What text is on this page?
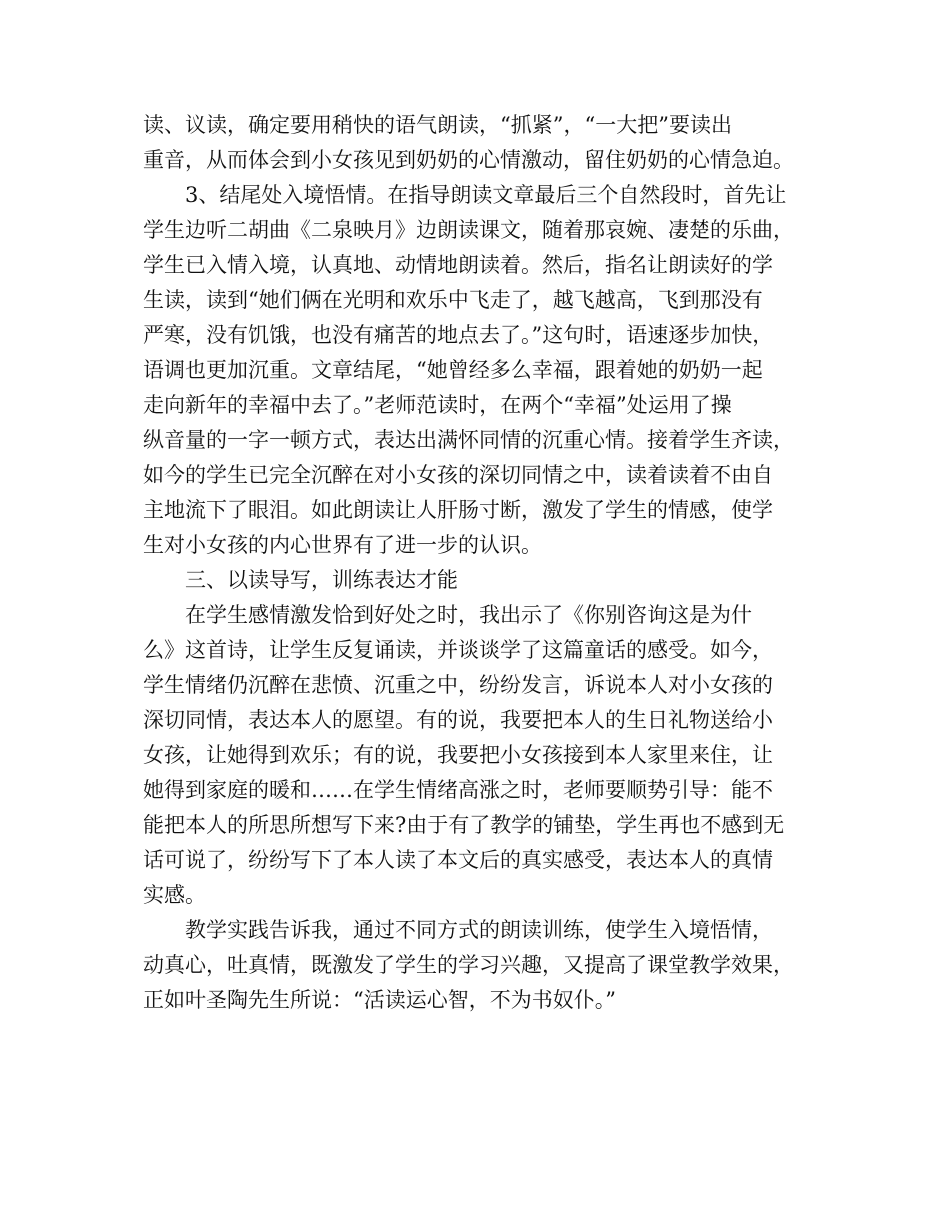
读、议读，确定要用稍快的语气朗读，“抓紧”，“一大把”要读出
重音，从而体会到小女孩见到奶奶的心情激动，留住奶奶的心情急迫。
3、结尾处入境悟情。在指导朗读文章最后三个自然段时，首先让
学生边听二胡曲《二泉映月》边朗读课文，随着那哀婉、凄楚的乐曲，
学生已入情入境，认真地、动情地朗读着。然后，指名让朗读好的学
生读，读到“她们俩在光明和欢乐中飞走了，越飞越高，飞到那没有
严寒，没有饥饿，也没有痛苦的地点去了。”这句时，语速逐步加快，
语调也更加沉重。文章结尾，“她曾经多么幸福，跟着她的奶奶一起
走向新年的幸福中去了。”老师范读时，在两个“幸福”处运用了操
纵音量的一字一顿方式，表达出满怀同情的沉重心情。接着学生齐读，
如今的学生已完全沉醉在对小女孩的深切同情之中，读着读着不由自
主地流下了眼泪。如此朗读让人肝肠寸断，激发了学生的情感，使学
生对小女孩的内心世界有了进一步的认识。
三、以读导写，训练表达才能
在学生感情激发恰到好处之时，我出示了《你别咨询这是为什
么》这首诗，让学生反复诵读，并谈谈学了这篇童话的感受。如今，
学生情绪仍沉醉在悲愤、沉重之中，纷纷发言，诉说本人对小女孩的
深切同情，表达本人的愿望。有的说，我要把本人的生日礼物送给小
女孩，让她得到欢乐；有的说，我要把小女孩接到本人家里来住，让
她得到家庭的暖和……在学生情绪高涨之时，老师要顺势引导：能不
能把本人的所思所想写下来?由于有了教学的铺垫，学生再也不感到无
话可说了，纷纷写下了本人读了本文后的真实感受，表达本人的真情
实感。
教学实践告诉我，通过不同方式的朗读训练，使学生入境悟情，
动真心，吐真情，既激发了学生的学习兴趣，又提高了课堂教学效果，
正如叶圣陶先生所说：“活读运心智，不为书奴仆。”
